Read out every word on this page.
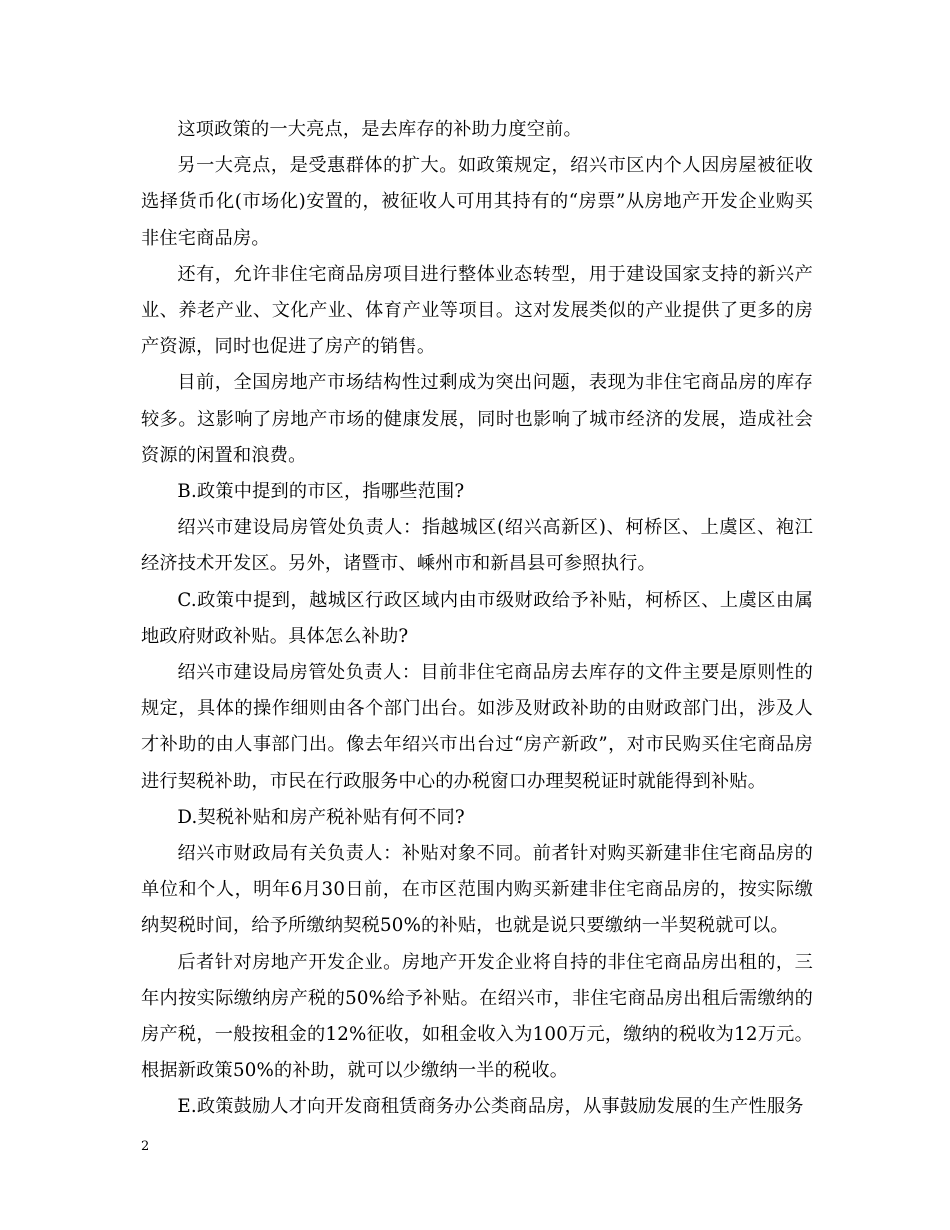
这项政策的一大亮点，是去库存的补助力度空前。

另一大亮点，是受惠群体的扩大。如政策规定，绍兴市区内个人因房屋被征收选择货币化(市场化)安置的，被征收人可用其持有的“房票”从房地产开发企业购买非住宅商品房。

还有，允许非住宅商品房项目进行整体业态转型，用于建设国家支持的新兴产业、养老产业、文化产业、体育产业等项目。这对发展类似的产业提供了更多的房产资源，同时也促进了房产的销售。

目前，全国房地产市场结构性过剩成为突出问题，表现为非住宅商品房的库存较多。这影响了房地产市场的健康发展，同时也影响了城市经济的发展，造成社会资源的闲置和浪费。

B.政策中提到的市区，指哪些范围?

绍兴市建设局房管处负责人：指越城区(绍兴高新区)、柯桥区、上虞区、袍江经济技术开发区。另外，诸暨市、嵊州市和新昌县可参照执行。

C.政策中提到，越城区行政区域内由市级财政给予补贴，柯桥区、上虞区由属地政府财政补贴。具体怎么补助?

绍兴市建设局房管处负责人：目前非住宅商品房去库存的文件主要是原则性的规定，具体的操作细则由各个部门出台。如涉及财政补助的由财政部门出，涉及人才补助的由人事部门出。像去年绍兴市出台过“房产新政”，对市民购买住宅商品房进行契税补助，市民在行政服务中心的办税窗口办理契税证时就能得到补贴。

D.契税补贴和房产税补贴有何不同?

绍兴市财政局有关负责人：补贴对象不同。前者针对购买新建非住宅商品房的单位和个人，明年6月30日前，在市区范围内购买新建非住宅商品房的，按实际缴纳契税时间，给予所缴纳契税50%的补贴，也就是说只要缴纳一半契税就可以。

后者针对房地产开发企业。房地产开发企业将自持的非住宅商品房出租的，三年内按实际缴纳房产税的50%给予补贴。在绍兴市，非住宅商品房出租后需缴纳的房产税，一般按租金的12%征收，如租金收入为100万元，缴纳的税收为12万元。根据新政策50%的补助，就可以少缴纳一半的税收。

E.政策鼓励人才向开发商租赁商务办公类商品房，从事鼓励发展的生产性服务

2
